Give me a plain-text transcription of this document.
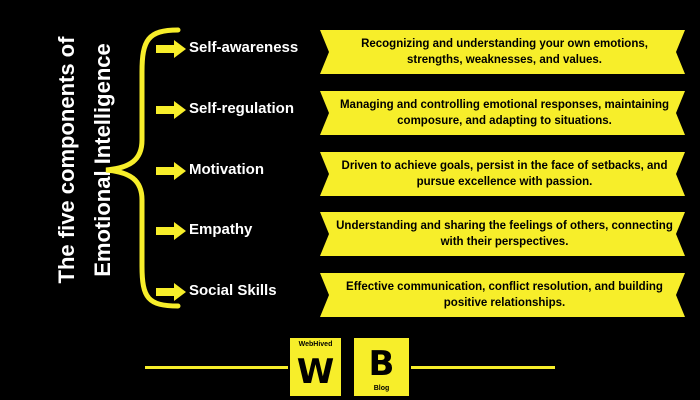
The five components of Emotional Intelligence	Self-awareness	Recognizing and understanding your own emotions, strengths, weaknesses, and values.
Self-regulation	Managing and controlling emotional responses, maintaining composure, and adapting to situations.
Motivation	Driven to achieve goals, persist in the face of setbacks, and pursue excellence with passion.
Empathy	Understanding and sharing the feelings of others, connecting with their perspectives.
Social Skills	Effective communication, conflict resolution, and building positive relationships.
WebHived
W	B
Blog
